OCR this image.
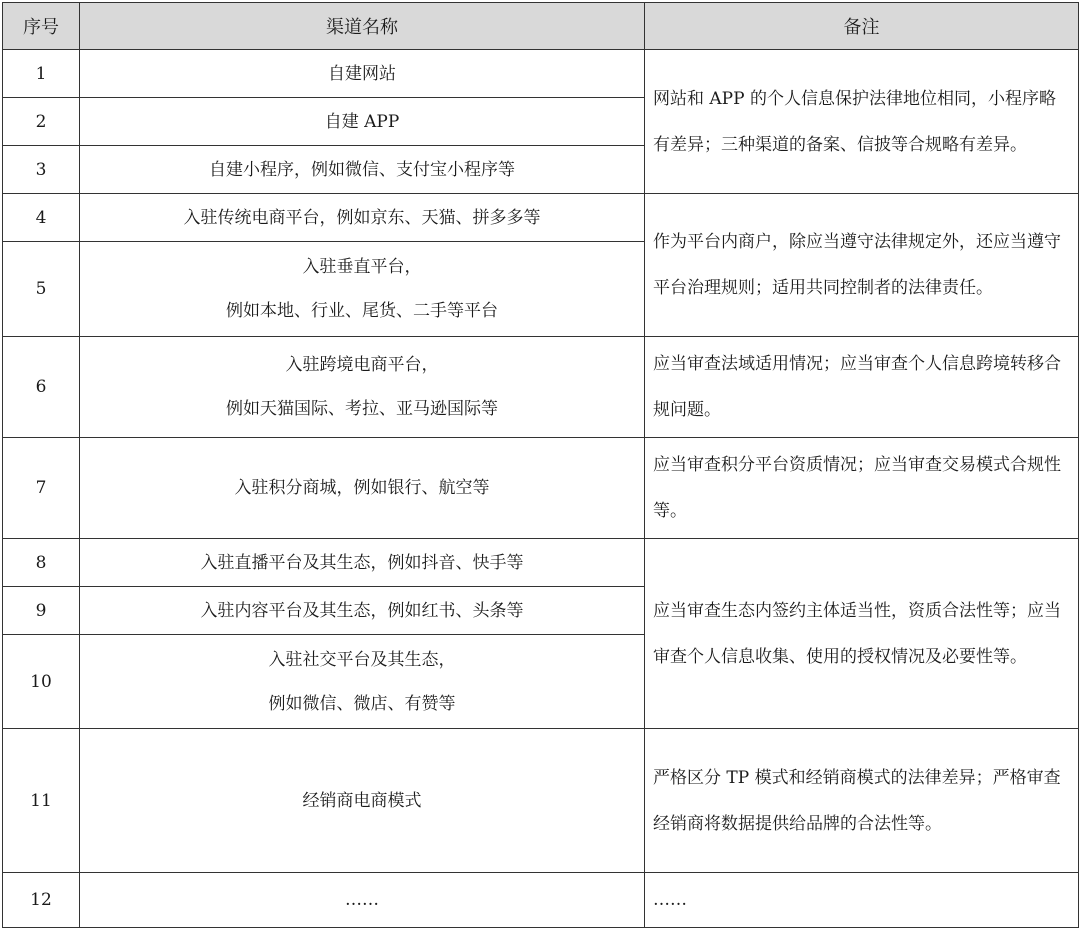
序号	渠道名称	备注
1	自建网站	网站和 APP 的个人信息保护法律地位相同，小程序略有差异；三种渠道的备案、信披等合规略有差异。
2	自建 APP	

3	自建小程序，例如微信、支付宝小程序等	

4	入驻传统电商平台，例如京东、天猫、拼多多等	作为平台内商户，除应当遵守法律规定外，还应当遵守平台治理规则；适用共同控制者的法律责任。
5	入驻垂直平台，
例如本地、行业、尾货、二手等平台	

6	入驻跨境电商平台，
例如天猫国际、考拉、亚马逊国际等	应当审查法域适用情况；应当审查个人信息跨境转移合规问题。
7	入驻积分商城，例如银行、航空等	应当审查积分平台资质情况；应当审查交易模式合规性等。
8	入驻直播平台及其生态，例如抖音、快手等	应当审查生态内签约主体适当性，资质合法性等；应当审查个人信息收集、使用的授权情况及必要性等。
9	入驻内容平台及其生态，例如红书、头条等	

10	入驻社交平台及其生态，
例如微信、微店、有赞等	

11	经销商电商模式	严格区分 TP 模式和经销商模式的法律差异；严格审查经销商将数据提供给品牌的合法性等。
12	……	……
